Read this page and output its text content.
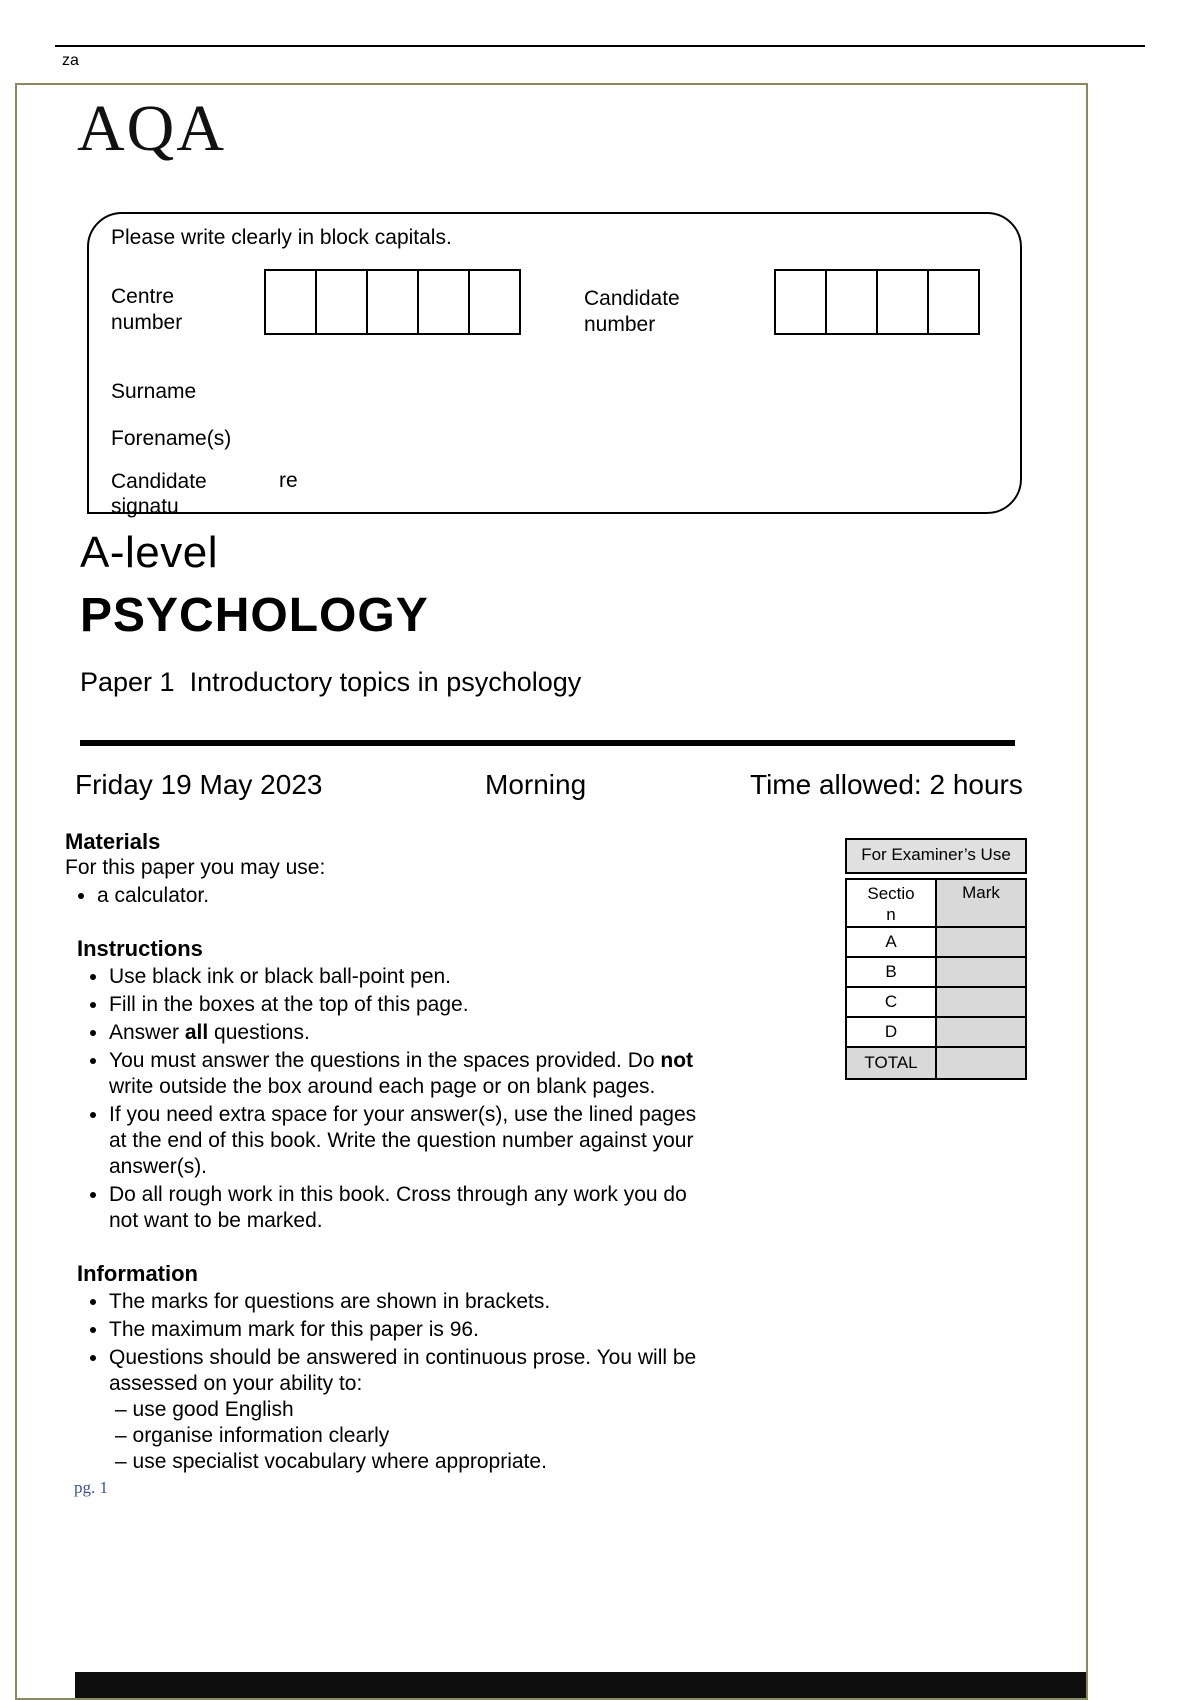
za
AQA
Please write clearly in block capitals.
Centre
number
Candidate
number
Surname
Forename(s)
Candidate
signatu
re
A-level
PSYCHOLOGY
Paper 1  Introductory topics in psychology
Friday 19 May 2023	Morning	Time allowed: 2 hours
Materials
For this paper you may use:
• a calculator.
Instructions
• Use black ink or black ball-point pen.
• Fill in the boxes at the top of this page.
• Answer all questions.
• You must answer the questions in the spaces provided. Do not write outside the box around each page or on blank pages.
• If you need extra space for your answer(s), use the lined pages at the end of this book. Write the question number against your answer(s).
• Do all rough work in this book. Cross through any work you do not want to be marked.
Information
• The marks for questions are shown in brackets.
• The maximum mark for this paper is 96.
• Questions should be answered in continuous prose. You will be assessed on your ability to:
– use good English
– organise information clearly
– use specialist vocabulary where appropriate.
For Examiner’s Use
Section	Mark
A	
B	
C	
D	
TOTAL	
pg. 1
